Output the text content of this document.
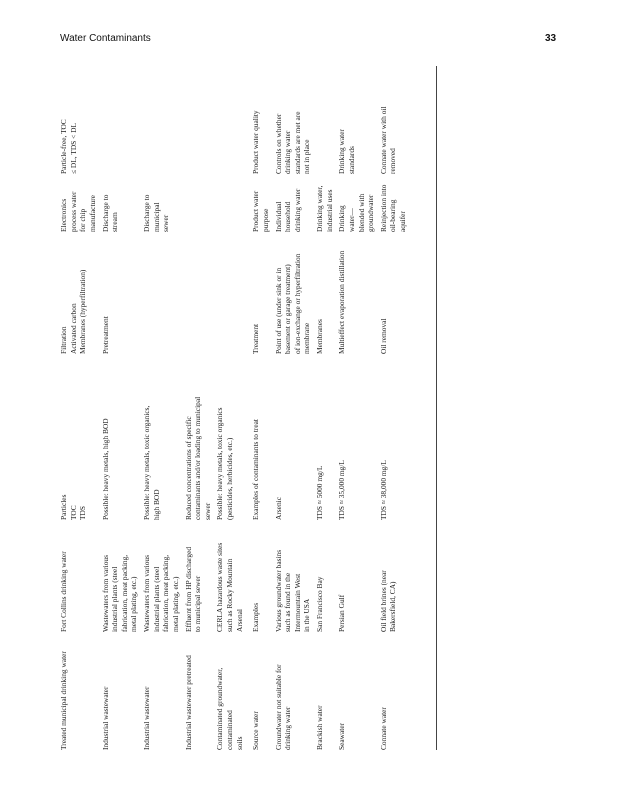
Water Contaminants	33
Treated municipal drinking water	Fort Collins drinking water	Particles TOC TDS	Filtration Activated carbon Membranes (hyperfiltration)	Electronics process water for chip manufacture	Particle-free, TOC ≤ DL, TDS < DL

Industrial wastewater	Wastewaters from various industrial plants (steel fabrication, meat packing, metal plating, etc.)	Possible: heavy metals, high BOD	Pretreatment	Discharge to stream	

Industrial wastewater	Wastewaters from various industrial plants (steel fabrication, meat packing, metal plating, etc.)	Possible: heavy metals, toxic organics, high BOD		Discharge to municipal sewer	

Industrial wastewater pretreated	Effluent from HP discharged to municipal sewer	Reduced concentrations of specific contaminants and/or loading to municipal sewer			

Contaminated groundwater, contaminated soils	CERLA hazardous waste sites such as Rocky Mountain Arsenal	Possible: heavy metals, toxic organics (pesticides, herbicides, etc.)			

Source water	Examples	Examples of contaminants to treat	Treatment	Product water purpose	Product water quality

Groundwater not suitable for drinking water	Various groundwater basins such as found in the Intermountain West in the USA	Arsenic	Point of use (under sink or in basement or garage treatment) of ion-exchange or hyperfiltration membrane	Individual household drinking water	Controls on whether drinking water standards are met are not in place

Brackish water	San Francisco Bay	TDS ≈ 5000 mg/L	Membranes	Drinking water, industrial uses	

Seawater	Persian Gulf	TDS ≈ 35,000 mg/L	Multieffect evaporation distillation	Drinking water— blended with groundwater	Drinking water standards

Connate water	Oil field brines (near Bakersfield, CA)	TDS ≈ 38,000 mg/L	Oil removal	Reinjection into oil-bearing aquifer	Connate water with oil removed
